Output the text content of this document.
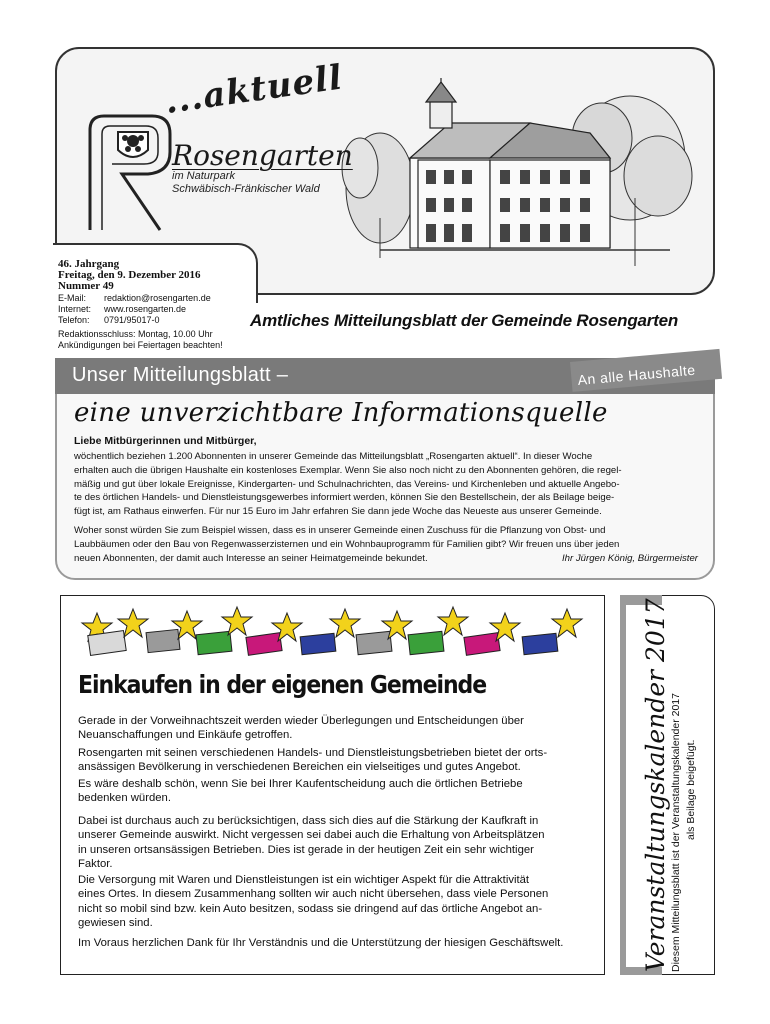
...aktuell
Rosengarten
im Naturpark
Schwäbisch-Fränkischer Wald
46. Jahrgang
Freitag, den 9. Dezember 2016
Nummer 49
E-Mail:	redaktion@rosengarten.de
Internet:	www.rosengarten.de
Telefon:	0791/95017-0
Redaktionsschluss: Montag, 10.00 Uhr
Ankündigungen bei Feiertagen beachten!
Amtliches Mitteilungsblatt der Gemeinde Rosengarten
Unser Mitteilungsblatt –	An alle Haushalte
eine unverzichtbare Informationsquelle
Liebe Mitbürgerinnen und Mitbürger,
wöchentlich beziehen 1.200 Abonnenten in unserer Gemeinde das Mitteilungsblatt „Rosengarten aktuell“. In dieser Woche
erhalten auch die übrigen Haushalte ein kostenloses Exemplar. Wenn Sie also noch nicht zu den Abonnenten gehören, die regel-
mäßig und gut über lokale Ereignisse, Kindergarten- und Schulnachrichten, das Vereins- und Kirchenleben und aktuelle Angebo-
te des örtlichen Handels- und Dienstleistungsgewerbes informiert werden, können Sie den Bestellschein, der als Beilage beige-
fügt ist, am Rathaus einwerfen. Für nur 15 Euro im Jahr erfahren Sie dann jede Woche das Neueste aus unserer Gemeinde.
Woher sonst würden Sie zum Beispiel wissen, dass es in unserer Gemeinde einen Zuschuss für die Pflanzung von Obst- und
Laubbäumen oder den Bau von Regenwasserzisternen und ein Wohnbauprogramm für Familien gibt? Wir freuen uns über jeden
neuen Abonnenten, der damit auch Interesse an seiner Heimatgemeinde bekundet.	Ihr Jürgen König, Bürgermeister
Einkaufen in der eigenen Gemeinde
Gerade in der Vorweihnachtszeit werden wieder Überlegungen und Entscheidungen über
Neuanschaffungen und Einkäufe getroffen.
Rosengarten mit seinen verschiedenen Handels- und Dienstleistungsbetrieben bietet der orts-
ansässigen Bevölkerung in verschiedenen Bereichen ein vielseitiges und gutes Angebot.
Es wäre deshalb schön, wenn Sie bei Ihrer Kaufentscheidung auch die örtlichen Betriebe
bedenken würden.
Dabei ist durchaus auch zu berücksichtigen, dass sich dies auf die Stärkung der Kaufkraft in
unserer Gemeinde auswirkt. Nicht vergessen sei dabei auch die Erhaltung von Arbeitsplätzen
in unseren ortsansässigen Betrieben. Dies ist gerade in der heutigen Zeit ein sehr wichtiger
Faktor.
Die Versorgung mit Waren und Dienstleistungen ist ein wichtiger Aspekt für die Attraktivität
eines Ortes. In diesem Zusammenhang sollten wir auch nicht übersehen, dass viele Personen
nicht so mobil sind bzw. kein Auto besitzen, sodass sie dringend auf das örtliche Angebot an-
gewiesen sind.
Im Voraus herzlichen Dank für Ihr Verständnis und die Unterstützung der hiesigen Geschäftswelt.	Veranstaltungskalender 2017 Diesem Mitteilungsblatt ist der Veranstaltungskalender 2017 als Beilage beigefügt.
